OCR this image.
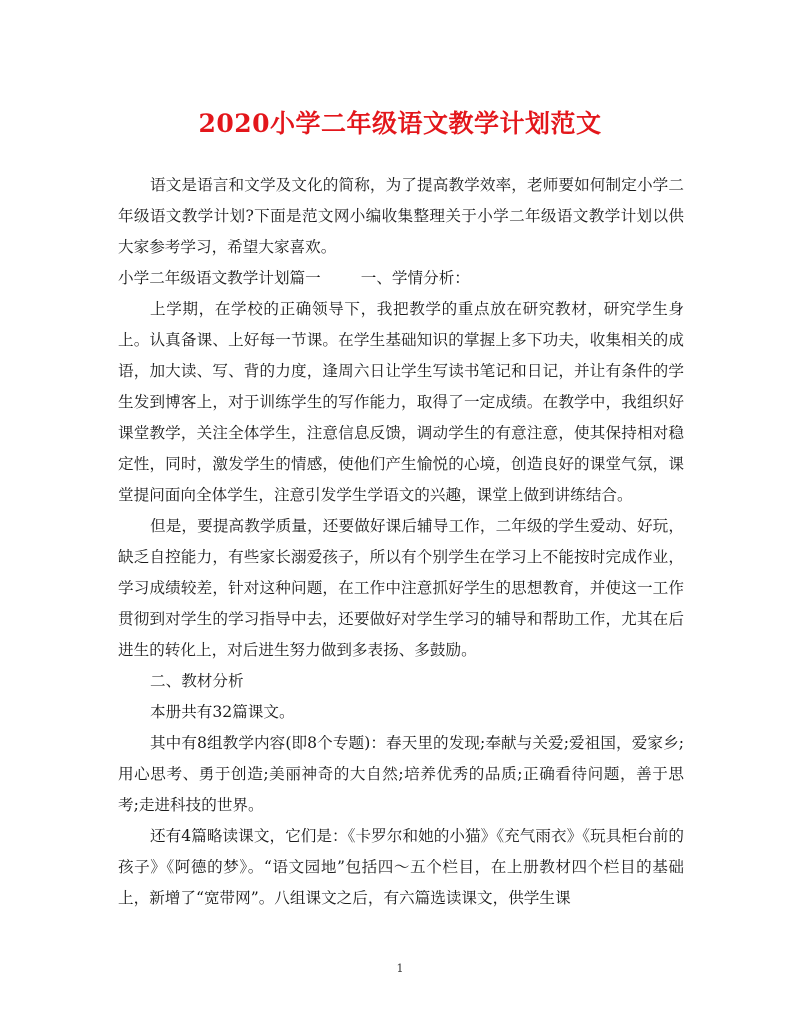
2020小学二年级语文教学计划范文

语文是语言和文学及文化的简称，为了提高教学效率，老师要如何制定小学二年级语文教学计划?下面是范文网小编收集整理关于小学二年级语文教学计划以供大家参考学习，希望大家喜欢。

小学二年级语文教学计划篇一	一、学情分析：

上学期，在学校的正确领导下，我把教学的重点放在研究教材，研究学生身上。认真备课、上好每一节课。在学生基础知识的掌握上多下功夫，收集相关的成语，加大读、写、背的力度，逢周六日让学生写读书笔记和日记，并让有条件的学生发到博客上，对于训练学生的写作能力，取得了一定成绩。在教学中，我组织好课堂教学，关注全体学生，注意信息反馈，调动学生的有意注意，使其保持相对稳定性，同时，激发学生的情感，使他们产生愉悦的心境，创造良好的课堂气氛，课堂提问面向全体学生，注意引发学生学语文的兴趣，课堂上做到讲练结合。

但是，要提高教学质量，还要做好课后辅导工作，二年级的学生爱动、好玩，缺乏自控能力，有些家长溺爱孩子，所以有个别学生在学习上不能按时完成作业，学习成绩较差，针对这种问题，在工作中注意抓好学生的思想教育，并使这一工作贯彻到对学生的学习指导中去，还要做好对学生学习的辅导和帮助工作，尤其在后进生的转化上，对后进生努力做到多表扬、多鼓励。

二、教材分析

本册共有32篇课文。

其中有8组教学内容(即8个专题)：春天里的发现;奉献与关爱;爱祖国，爱家乡;用心思考、勇于创造;美丽神奇的大自然;培养优秀的品质;正确看待问题，善于思考;走进科技的世界。

还有4篇略读课文，它们是：《卡罗尔和她的小猫》《充气雨衣》《玩具柜台前的孩子》《阿德的梦》。“语文园地”包括四～五个栏目，在上册教材四个栏目的基础上，新增了“宽带网”。八组课文之后，有六篇选读课文，供学生课

1
